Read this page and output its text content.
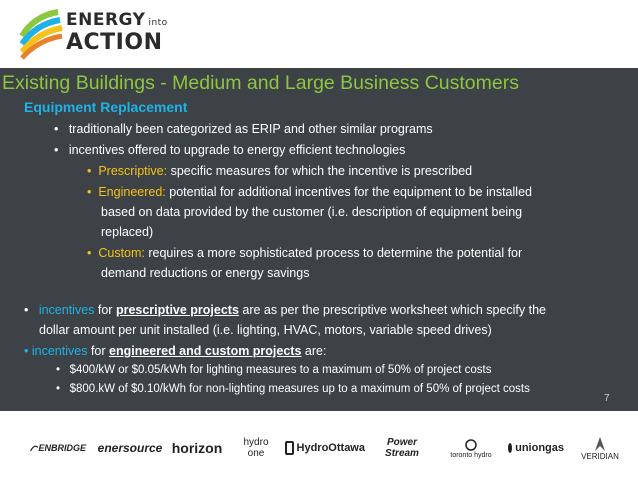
ENERGY into
ACTION
Existing Buildings - Medium and Large Business Customers
Equipment Replacement
• traditionally been categorized as ERIP and other similar programs
• incentives offered to upgrade to energy efficient technologies
• Prescriptive: specific measures for which the incentive is prescribed
• Engineered: potential for additional incentives for the equipment to be installed
based on data provided by the customer (i.e. description of equipment being
replaced)
• Custom: requires a more sophisticated process to determine the potential for
demand reductions or energy savings
• incentives for prescriptive projects are as per the prescriptive worksheet which specify the
dollar amount per unit installed (i.e. lighting, HVAC, motors, variable speed drives)
• incentives for engineered and custom projects are:
• $400/kW or $0.05/kWh for lighting measures to a maximum of 50% of project costs
• $800.kW of $0.10/kWh for non-lighting measures up to a maximum of 50% of project costs
7
ENBRIDGE enersource horizon hydro
one	HydroOttawa Power
Stream	toronto hydro
uniongas
VERIDIAN
